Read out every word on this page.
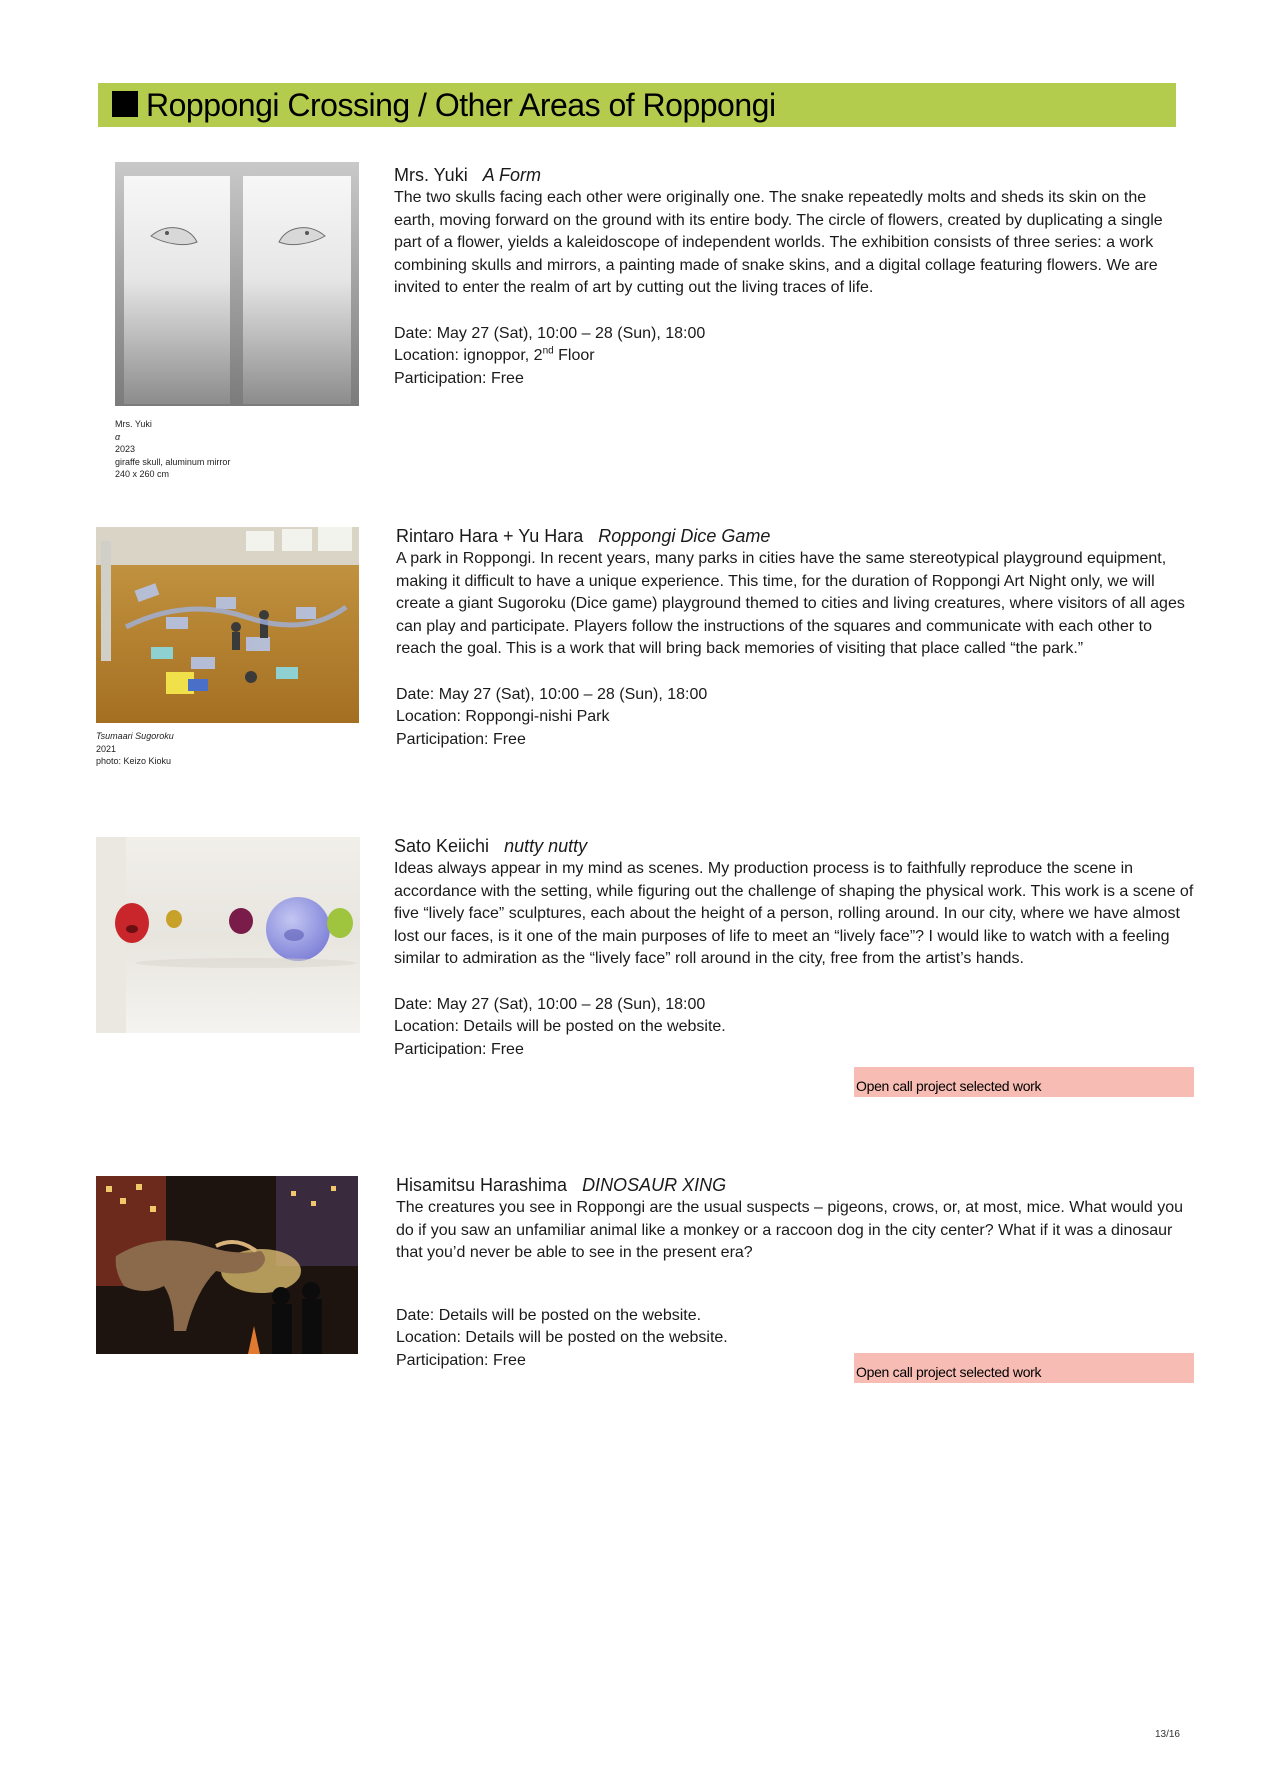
Roppongi Crossing / Other Areas of Roppongi
Mrs. Yuki
α
2023
giraffe skull, aluminum mirror
240 x 260 cm
Mrs. Yuki A Form

The two skulls facing each other were originally one. The snake repeatedly molts and sheds its skin on the earth, moving forward on the ground with its entire body. The circle of flowers, created by duplicating a single part of a flower, yields a kaleidoscope of independent worlds. The exhibition consists of three series: a work combining skulls and mirrors, a painting made of snake skins, and a digital collage featuring flowers. We are invited to enter the realm of art by cutting out the living traces of life.

Date: May 27 (Sat), 10:00 – 28 (Sun), 18:00
Location: ignoppor, 2nd Floor
Participation: Free
Tsumaari Sugoroku
2021
photo: Keizo Kioku
Rintaro Hara + Yu Hara Roppongi Dice Game

A park in Roppongi. In recent years, many parks in cities have the same stereotypical playground equipment, making it difficult to have a unique experience. This time, for the duration of Roppongi Art Night only, we will create a giant Sugoroku (Dice game) playground themed to cities and living creatures, where visitors of all ages can play and participate. Players follow the instructions of the squares and communicate with each other to reach the goal. This is a work that will bring back memories of visiting that place called “the park.”

Date: May 27 (Sat), 10:00 – 28 (Sun), 18:00
Location: Roppongi-nishi Park
Participation: Free
Sato Keiichi nutty nutty

Ideas always appear in my mind as scenes. My production process is to faithfully reproduce the scene in accordance with the setting, while figuring out the challenge of shaping the physical work. This work is a scene of five “lively face” sculptures, each about the height of a person, rolling around. In our city, where we have almost lost our faces, is it one of the main purposes of life to meet an “lively face”? I would like to watch with a feeling similar to admiration as the “lively face” roll around in the city, free from the artist’s hands.

Date: May 27 (Sat), 10:00 – 28 (Sun), 18:00
Location: Details will be posted on the website.
Participation: Free
Open call project selected work
Hisamitsu Harashima DINOSAUR XING

The creatures you see in Roppongi are the usual suspects – pigeons, crows, or, at most, mice. What would you do if you saw an unfamiliar animal like a monkey or a raccoon dog in the city center? What if it was a dinosaur that you’d never be able to see in the present era?

Date: Details will be posted on the website.
Location: Details will be posted on the website.
Participation: Free
Open call project selected work
13/16
